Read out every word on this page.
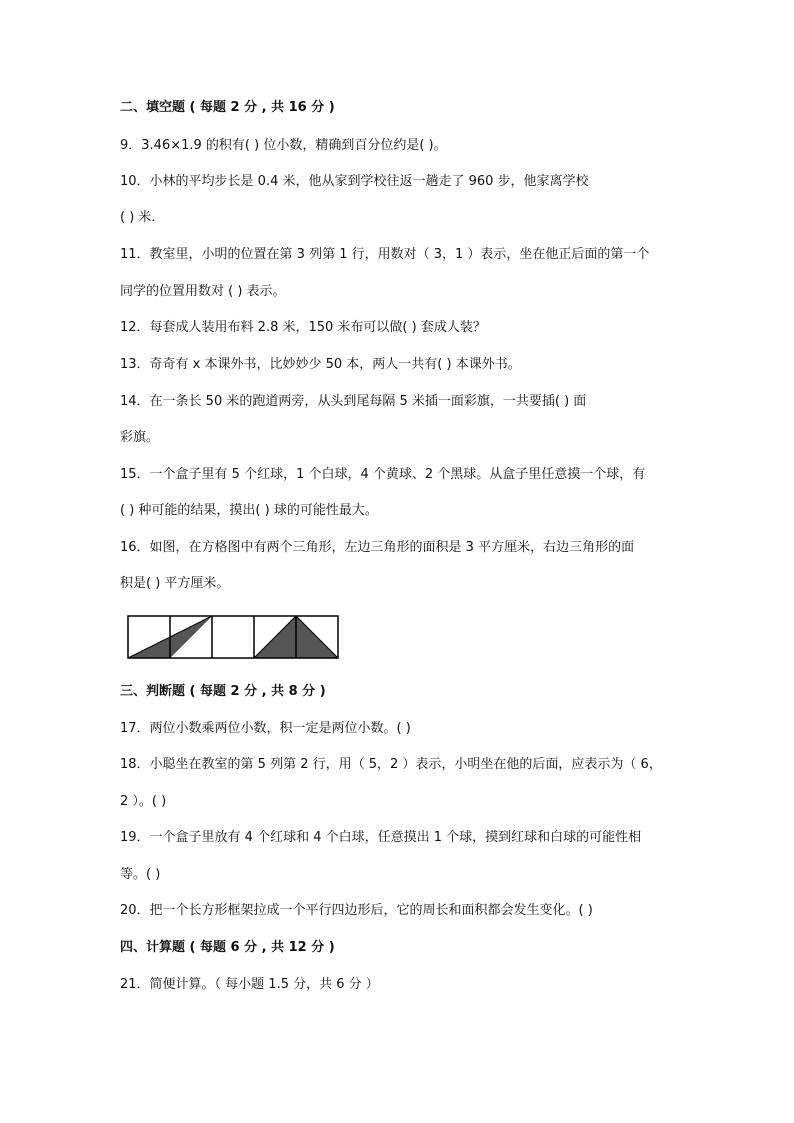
二、填空题 ( 每题 2 分 , 共 16 分 )
9．3.46×1.9 的积有( ) 位小数，精确到百分位约是( )。
10．小林的平均步长是 0.4 米，他从家到学校往返一趟走了 960 步，他家离学校
( ) 米．
11．教室里，小明的位置在第 3 列第 1 行，用数对（ 3，1 ）表示，坐在他正后面的第一个
同学的位置用数对 ( ) 表示。
12．每套成人装用布料 2.8 米，150 米布可以做( ) 套成人装？
13．奇奇有 x 本课外书，比妙妙少 50 本，两人一共有( ) 本课外书。
14．在一条长 50 米的跑道两旁，从头到尾每隔 5 米插一面彩旗，一共要插( ) 面
彩旗。
15．一个盒子里有 5 个红球，1 个白球，4 个黄球、2 个黑球。从盒子里任意摸一个球，有
( ) 种可能的结果，摸出( ) 球的可能性最大。
16．如图，在方格图中有两个三角形，左边三角形的面积是 3 平方厘米，右边三角形的面
积是( ) 平方厘米。
三、判断题 ( 每题 2 分 , 共 8 分 )
17．两位小数乘两位小数，积一定是两位小数。( )
18．小聪坐在教室的第 5 列第 2 行，用（ 5，2 ）表示，小明坐在他的后面，应表示为（ 6，
2 ）。( )
19．一个盒子里放有 4 个红球和 4 个白球，任意摸出 1 个球，摸到红球和白球的可能性相
等。( )
20．把一个长方形框架拉成一个平行四边形后，它的周长和面积都会发生变化。( )
四、计算题 ( 每题 6 分 , 共 12 分 )
21．简便计算。（ 每小题 1.5 分，共 6 分 ）
